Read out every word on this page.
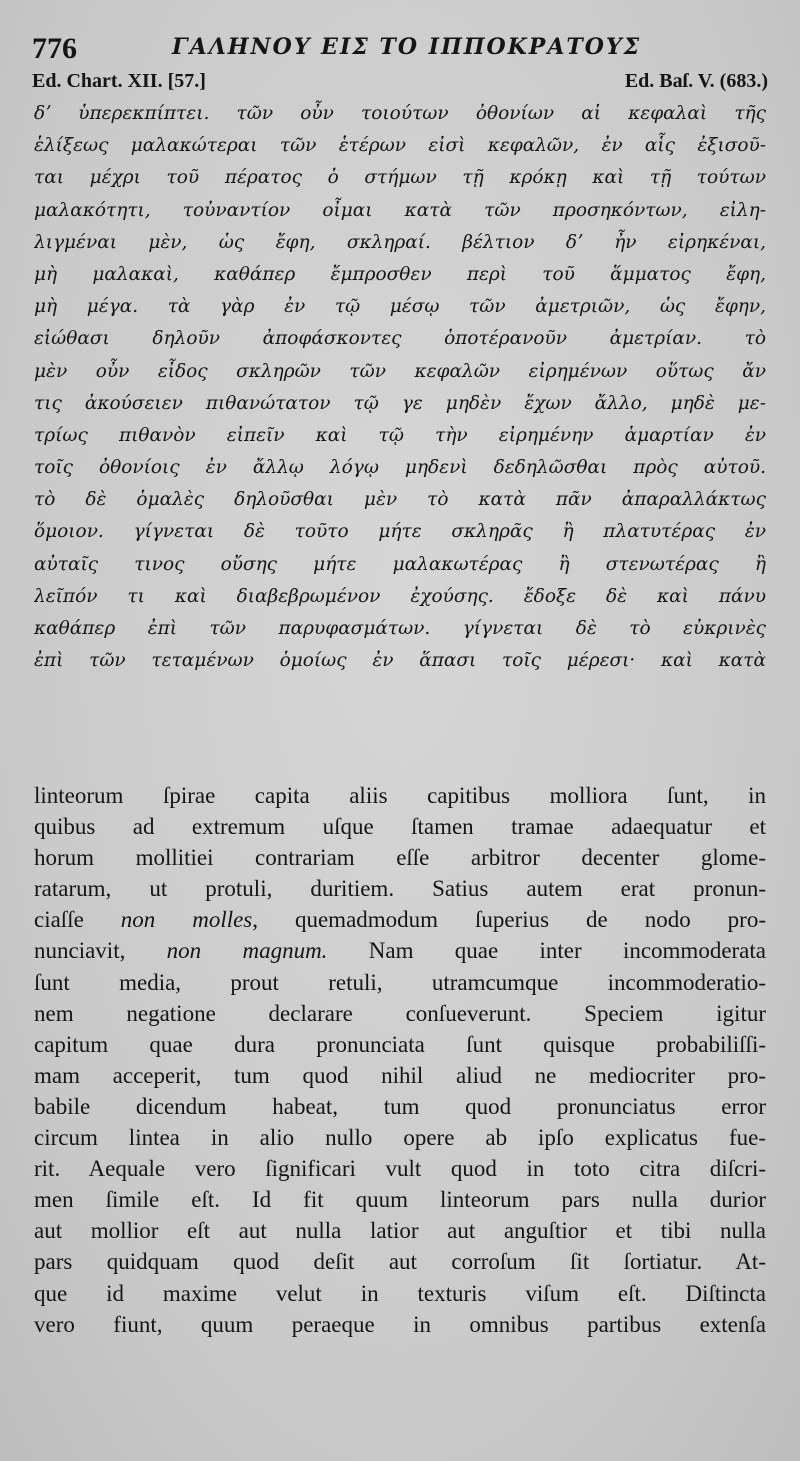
776	ΓΑΛΗΝΟΥ ΕΙΣ ΤΟ ΙΠΠΟΚΡΑΤΟΥΣ
Ed. Chart. XII. [57.]	Ed. Baſ. V. (683.)
δʼ ὑπερεκπίπτει. τῶν οὖν τοιούτων ὀθονίων αἱ κεφαλαὶ τῆς
ἑλίξεως μαλακώτεραι τῶν ἑτέρων εἰσὶ κεφαλῶν, ἐν αἷς ἐξισοῦ-
ται μέχρι τοῦ πέρατος ὁ στήμων τῇ κρόκῃ καὶ τῇ τούτων
μαλακότητι, τοὐναντίον οἶμαι κατὰ τῶν προσηκόντων, εἰλη-
λιγμέναι μὲν, ὡς ἔφη, σκληραί. βέλτιον δʼ ἦν εἰρηκέναι,
μὴ μαλακαὶ, καθάπερ ἔμπροσθεν περὶ τοῦ ἅμματος ἔφη,
μὴ μέγα. τὰ γὰρ ἐν τῷ μέσῳ τῶν ἀμετριῶν, ὡς ἔφην,
εἰώθασι δηλοῦν ἀποφάσκοντες ὁποτέρανοῦν ἀμετρίαν. τὸ
μὲν οὖν εἶδος σκληρῶν τῶν κεφαλῶν εἰρημένων οὕτως ἄν
τις ἀκούσειεν πιθανώτατον τῷ γε μηδὲν ἔχων ἄλλο, μηδὲ με-
τρίως πιθανὸν εἰπεῖν καὶ τῷ τὴν εἰρημένην ἁμαρτίαν ἐν
τοῖς ὀθονίοις ἐν ἄλλῳ λόγῳ μηδενὶ δεδηλῶσθαι πρὸς αὐτοῦ.
τὸ δὲ ὁμαλὲς δηλοῦσθαι μὲν τὸ κατὰ πᾶν ἀπαραλλάκτως
ὅμοιον. γίγνεται δὲ τοῦτο μήτε σκληρᾶς ἢ πλατυτέρας ἐν
αὐταῖς τινος οὔσης μήτε μαλακωτέρας ἢ στενωτέρας ἢ
λεῖπόν τι καὶ διαβεβρωμένον ἐχούσης. ἔδοξε δὲ καὶ πάνυ
καθάπερ ἐπὶ τῶν παρυφασμάτων. γίγνεται δὲ τὸ εὐκρινὲς
ἐπὶ τῶν τεταμένων ὁμοίως ἐν ἅπασι τοῖς μέρεσι· καὶ κατὰ
linteorum ſpirae capita aliis capitibus molliora ſunt, in
quibus ad extremum uſque ſtamen tramae adaequatur et
horum mollitiei contrariam eſſe arbitror decenter glome-
ratarum, ut protuli, duritiem. Satius autem erat pronun-
ciaſſe non molles, quemadmodum ſuperius de nodo pro-
nunciavit, non magnum. Nam quae inter incommoderata
ſunt media, prout retuli, utramcumque incommoderatio-
nem negatione declarare conſueverunt. Speciem igitur
capitum quae dura pronunciata ſunt quisque probabiliſſi-
mam acceperit, tum quod nihil aliud ne mediocriter pro-
babile dicendum habeat, tum quod pronunciatus error
circum lintea in alio nullo opere ab ipſo explicatus fue-
rit. Aequale vero ſignificari vult quod in toto citra diſcri-
men ſimile eſt. Id fit quum linteorum pars nulla durior
aut mollior eſt aut nulla latior aut anguſtior et tibi nulla
pars quidquam quod deſit aut corroſum ſit ſortiatur. At-
que id maxime velut in texturis viſum eſt. Diſtincta
vero fiunt, quum peraeque in omnibus partibus extenſa
